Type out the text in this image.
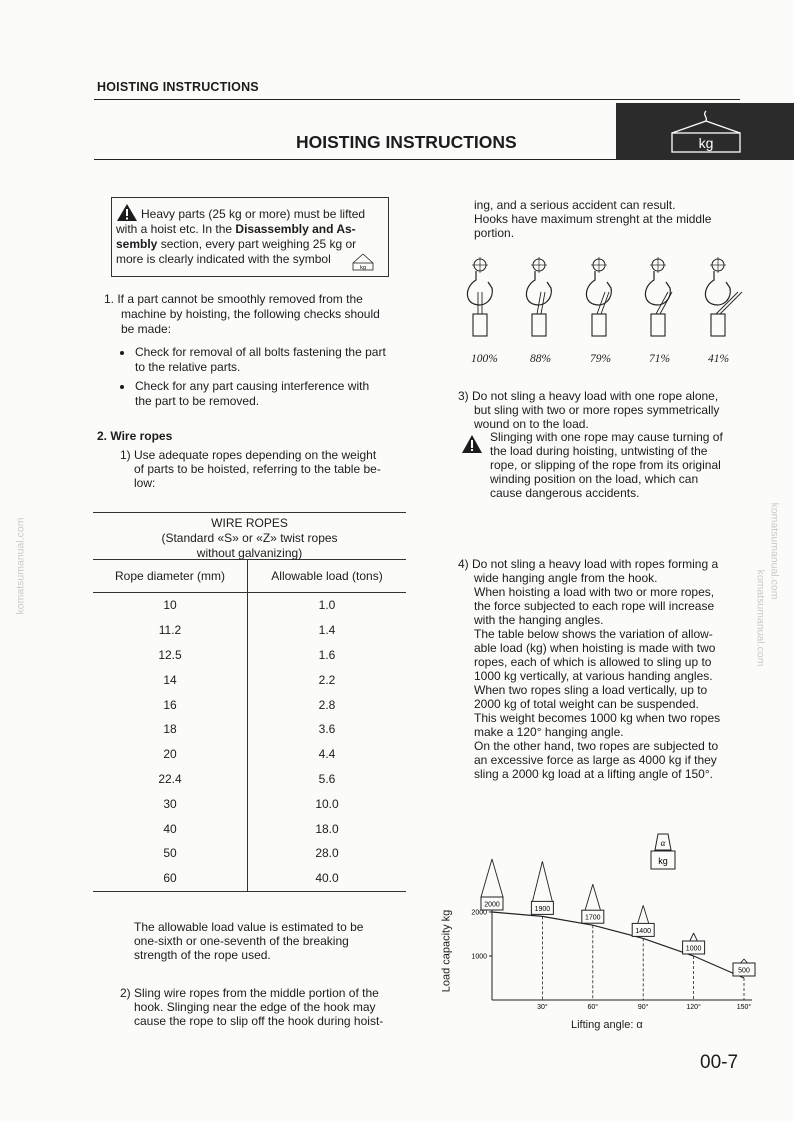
HOISTING INSTRUCTIONS
HOISTING INSTRUCTIONS	kg
komatsumanual.com	komatsumanual.com
komatsumanual.com
Heavy parts (25 kg or more) must be lifted
with a hoist etc. In the Disassembly and As-
sembly section, every part weighing 25 kg or
more is clearly indicated with the symbol
kg
1. If a part cannot be smoothly removed from the
machine by hoisting, the following checks should
be made:
Check for removal of all bolts fastening the part
to the relative parts.
Check for any part causing interference with
the part to be removed.
2. Wire ropes
1) Use adequate ropes depending on the weight
of parts to be hoisted, referring to the table be-
low:
WIRE ROPES
(Standard «S» or «Z» twist ropes
without galvanizing)
Rope diameter (mm)	Allowable load (tons)
10	1.0
11.2	1.4
12.5	1.6
14	2.2
16	2.8
18	3.6
20	4.4
22.4	5.6
30	10.0
40	18.0
50	28.0
60	40.0
The allowable load value is estimated to be
one-sixth or one-seventh of the breaking
strength of the rope used.
2) Sling wire ropes from the middle portion of the
hook. Slinging near the edge of the hook may
cause the rope to slip off the hook during hoist-
ing, and a serious accident can result.
Hooks have maximum strenght at the middle
portion.
100%	88%	79%	71%	41%
3) Do not sling a heavy load with one rope alone,
but sling with two or more ropes symmetrically
wound on to the load.
Slinging with one rope may cause turning of
the load during hoisting, untwisting of the
rope, or slipping of the rope from its original
winding position on the load, which can
cause dangerous accidents.
4) Do not sling a heavy load with ropes forming a
wide hanging angle from the hook.
When hoisting a load with two or more ropes,
the force subjected to each rope will increase
with the hanging angles.
The table below shows the variation of allow-
able load (kg) when hoisting is made with two
ropes, each of which is allowed to sling up to
1000 kg vertically, at various handing angles.
When two ropes sling a load vertically, up to
2000 kg of total weight can be suspended.
This weight becomes 1000 kg when two ropes
make a 120° hanging angle.
On the other hand, two ropes are subjected to
an excessive force as large as 4000 kg if they
sling a 2000 kg load at a lifting angle of 150°.
2000
1000
30°	60°	90°	120°	150°
2000
1900
1700
1400
1000
500
α
kg
Lifting angle: α
Load capacity kg
00-7
